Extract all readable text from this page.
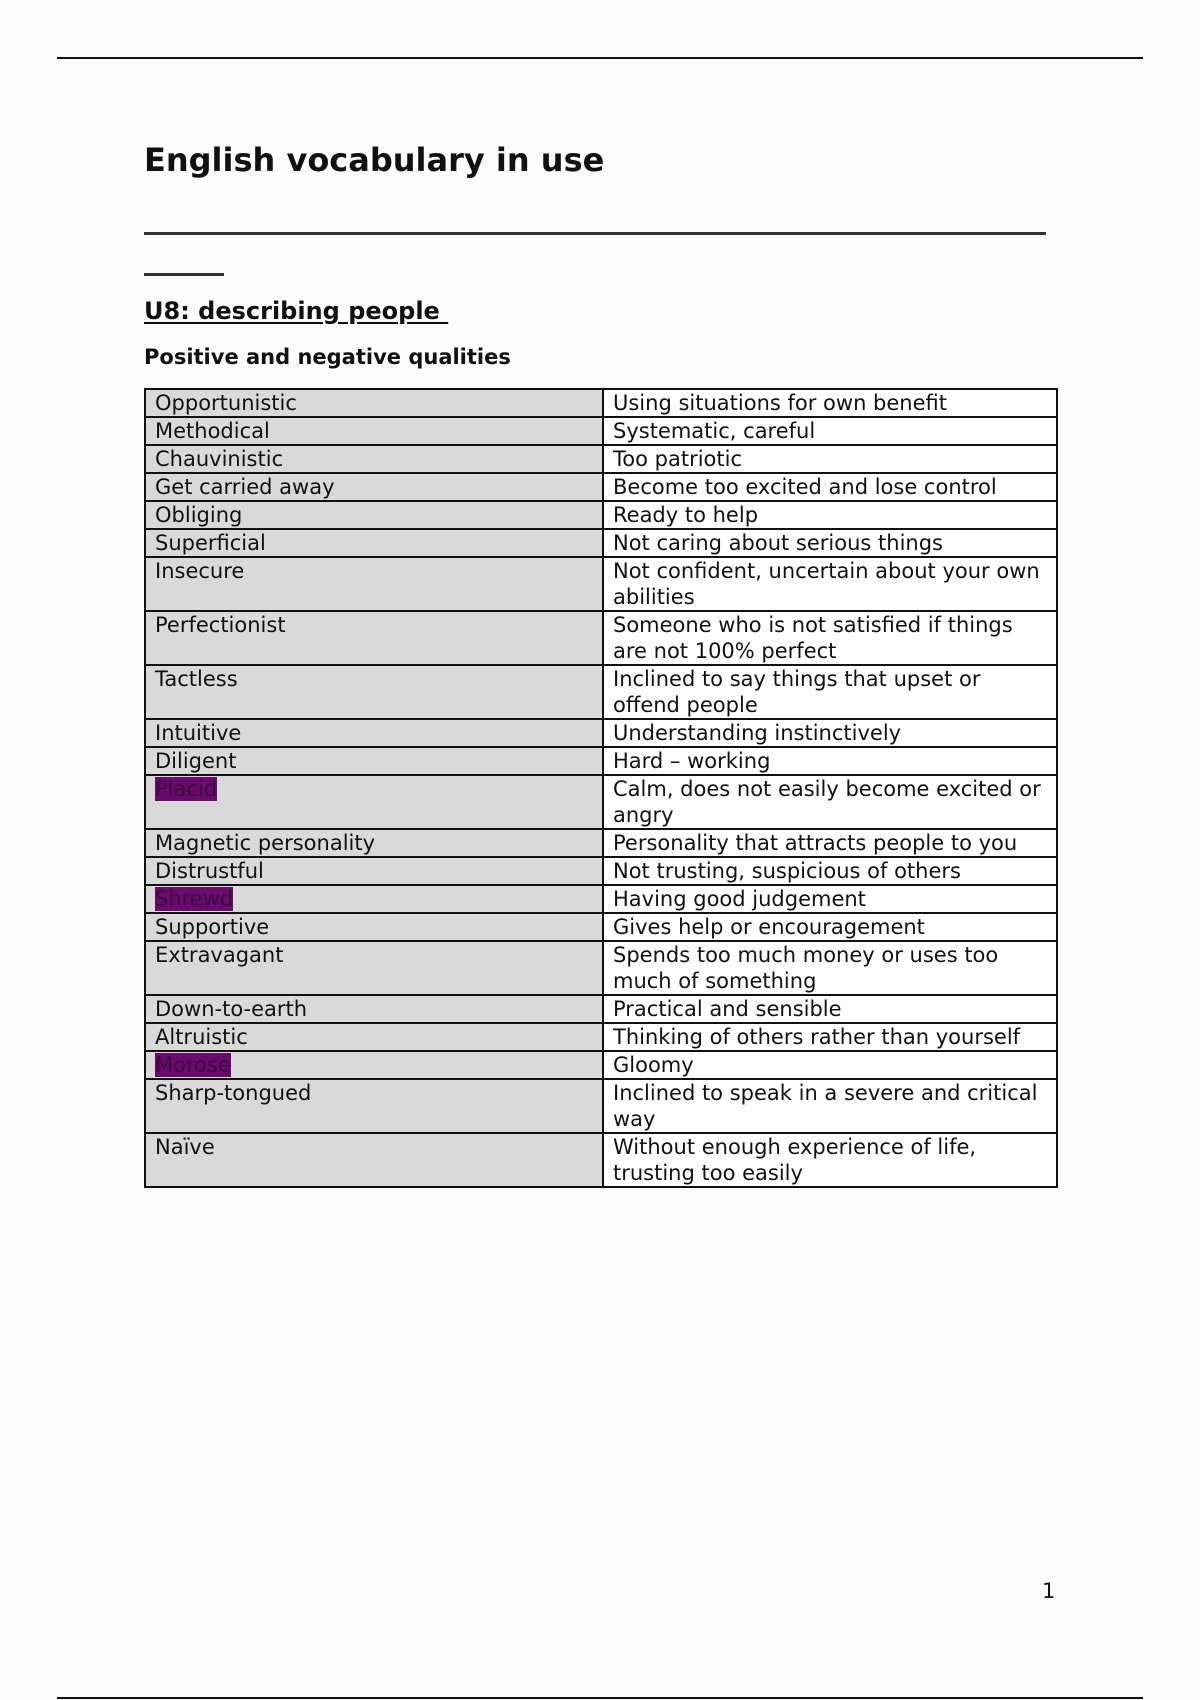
English vocabulary in use
U8: describing people
Positive and negative qualities
Opportunistic	Using situations for own benefit
Methodical	Systematic, careful
Chauvinistic	Too patriotic
Get carried away	Become too excited and lose control
Obliging	Ready to help
Superficial	Not caring about serious things
Insecure	Not confident, uncertain about your own abilities
Perfectionist	Someone who is not satisfied if things are not 100% perfect
Tactless	Inclined to say things that upset or offend people
Intuitive	Understanding instinctively
Diligent	Hard – working
Placid	Calm, does not easily become excited or angry
Magnetic personality	Personality that attracts people to you
Distrustful	Not trusting, suspicious of others
Shrewd	Having good judgement
Supportive	Gives help or encouragement
Extravagant	Spends too much money or uses too much of something
Down-to-earth	Practical and sensible
Altruistic	Thinking of others rather than yourself
Morose	Gloomy
Sharp-tongued	Inclined to speak in a severe and critical way
Naïve	Without enough experience of life, trusting too easily
1
